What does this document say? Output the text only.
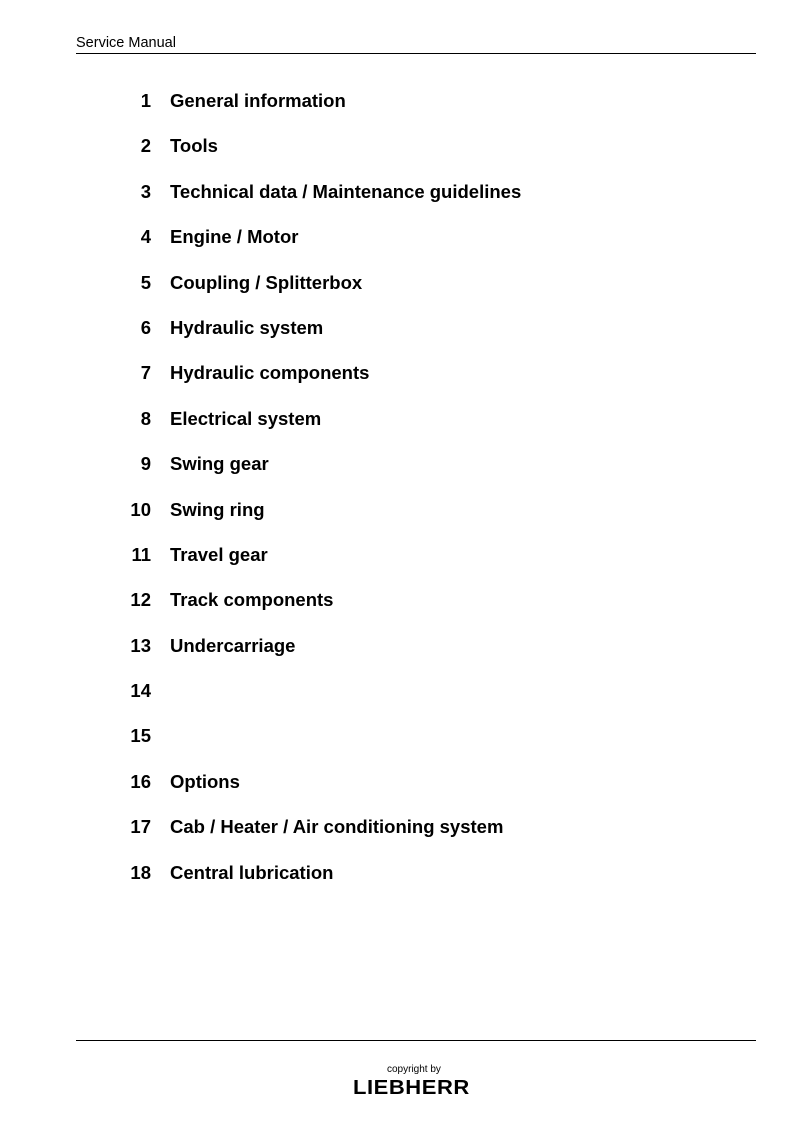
Service Manual
1 General information
2 Tools
3 Technical data / Maintenance guidelines
4 Engine / Motor
5 Coupling / Splitterbox
6 Hydraulic system
7 Hydraulic components
8 Electrical system
9 Swing gear
10 Swing ring
11 Travel gear
12 Track components
13 Undercarriage
14
15
16 Options
17 Cab / Heater / Air conditioning system
18 Central lubrication
copyright by
LIEBHERR
